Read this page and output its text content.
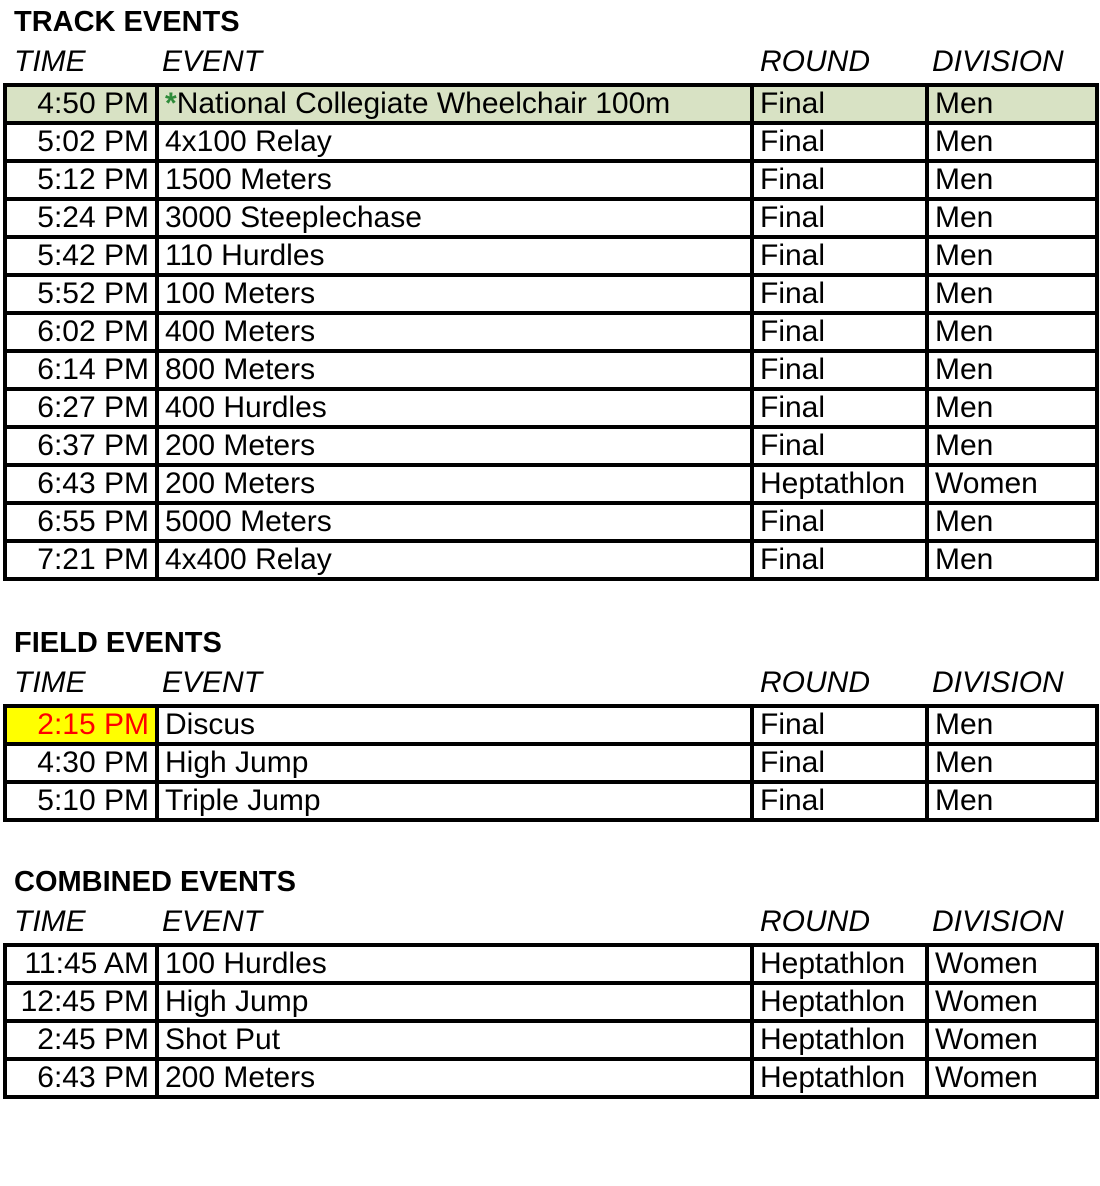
TRACK EVENTS
TIME	EVENT	ROUND	DIVISION
4:50 PM	*National Collegiate Wheelchair 100m	Final	Men
5:02 PM	4x100 Relay	Final	Men
5:12 PM	1500 Meters	Final	Men
5:24 PM	3000 Steeplechase	Final	Men
5:42 PM	110 Hurdles	Final	Men
5:52 PM	100 Meters	Final	Men
6:02 PM	400 Meters	Final	Men
6:14 PM	800 Meters	Final	Men
6:27 PM	400 Hurdles	Final	Men
6:37 PM	200 Meters	Final	Men
6:43 PM	200 Meters	Heptathlon	Women
6:55 PM	5000 Meters	Final	Men
7:21 PM	4x400 Relay	Final	Men
FIELD EVENTS
TIME	EVENT	ROUND	DIVISION
2:15 PM	Discus	Final	Men
4:30 PM	High Jump	Final	Men
5:10 PM	Triple Jump	Final	Men
COMBINED EVENTS
TIME	EVENT	ROUND	DIVISION
11:45 AM	100 Hurdles	Heptathlon	Women
12:45 PM	High Jump	Heptathlon	Women
2:45 PM	Shot Put	Heptathlon	Women
6:43 PM	200 Meters	Heptathlon	Women
